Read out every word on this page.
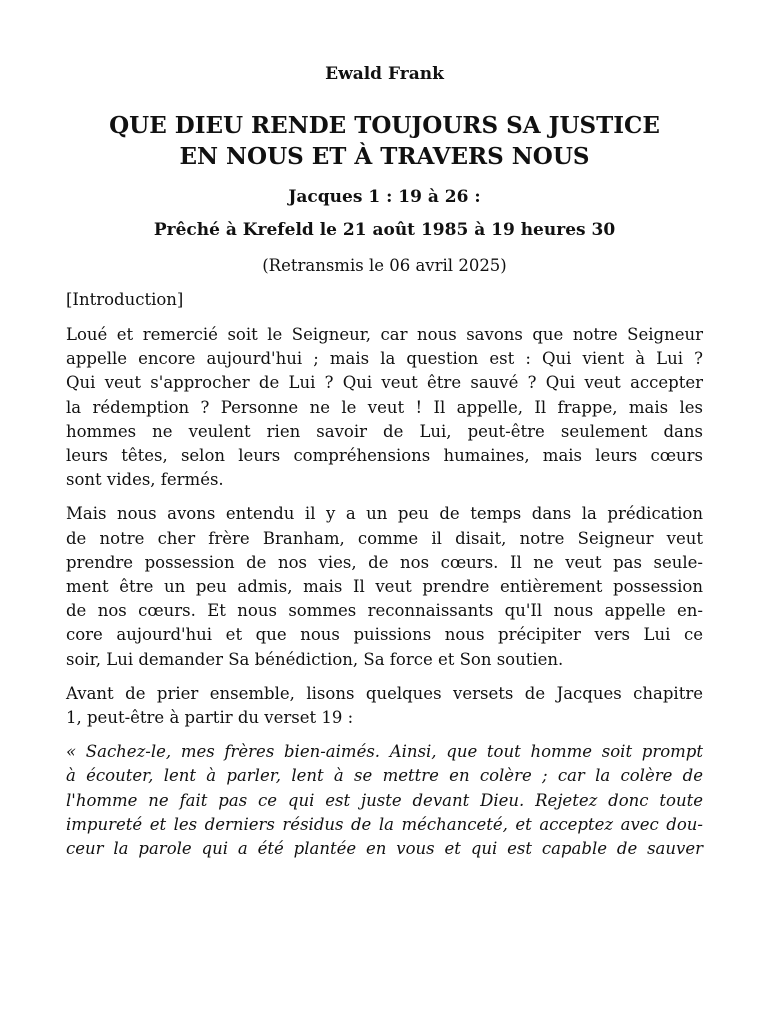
Ewald Frank
QUE DIEU RENDE TOUJOURS SA JUSTICE
EN NOUS ET À TRAVERS NOUS
Jacques 1 : 19 à 26 :
Prêché à Krefeld le 21 août 1985 à 19 heures 30
(Retransmis le 06 avril 2025)
[Introduction]
Loué et remercié soit le Seigneur, car nous savons que notre Seigneur
appelle encore aujourd'hui ; mais la question est : Qui vient à Lui ?
Qui veut s'approcher de Lui ? Qui veut être sauvé ? Qui veut accepter
la rédemption ? Personne ne le veut ! Il appelle, Il frappe, mais les
hommes ne veulent rien savoir de Lui, peut-être seulement dans
leurs têtes, selon leurs compréhensions humaines, mais leurs cœurs
sont vides, fermés.
Mais nous avons entendu il y a un peu de temps dans la prédication
de notre cher frère Branham, comme il disait, notre Seigneur veut
prendre possession de nos vies, de nos cœurs. Il ne veut pas seule-
ment être un peu admis, mais Il veut prendre entièrement possession
de nos cœurs. Et nous sommes reconnaissants qu'Il nous appelle en-
core aujourd'hui et que nous puissions nous précipiter vers Lui ce
soir, Lui demander Sa bénédiction, Sa force et Son soutien.
Avant de prier ensemble, lisons quelques versets de Jacques chapitre
1, peut-être à partir du verset 19 :
« Sachez-le, mes frères bien-aimés. Ainsi, que tout homme soit prompt
à écouter, lent à parler, lent à se mettre en colère ; car la colère de
l'homme ne fait pas ce qui est juste devant Dieu. Rejetez donc toute
impureté et les derniers résidus de la méchanceté, et acceptez avec dou-
ceur la parole qui a été plantée en vous et qui est capable de sauver
